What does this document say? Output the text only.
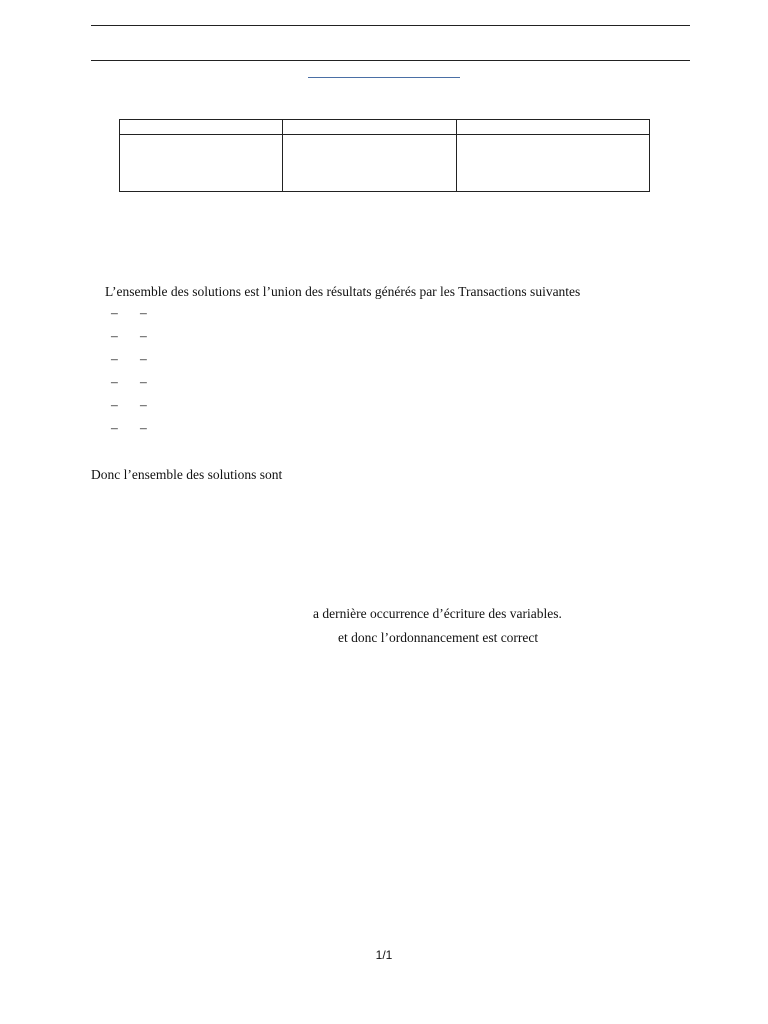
L’ensemble des solutions est l’union des résultats générés par les Transactions suivantes
– –
– –
– –
– –
– –
– –
Donc l’ensemble des solutions sont
a dernière occurrence d’écriture des variables.
et donc l’ordonnancement est correct
1/1
